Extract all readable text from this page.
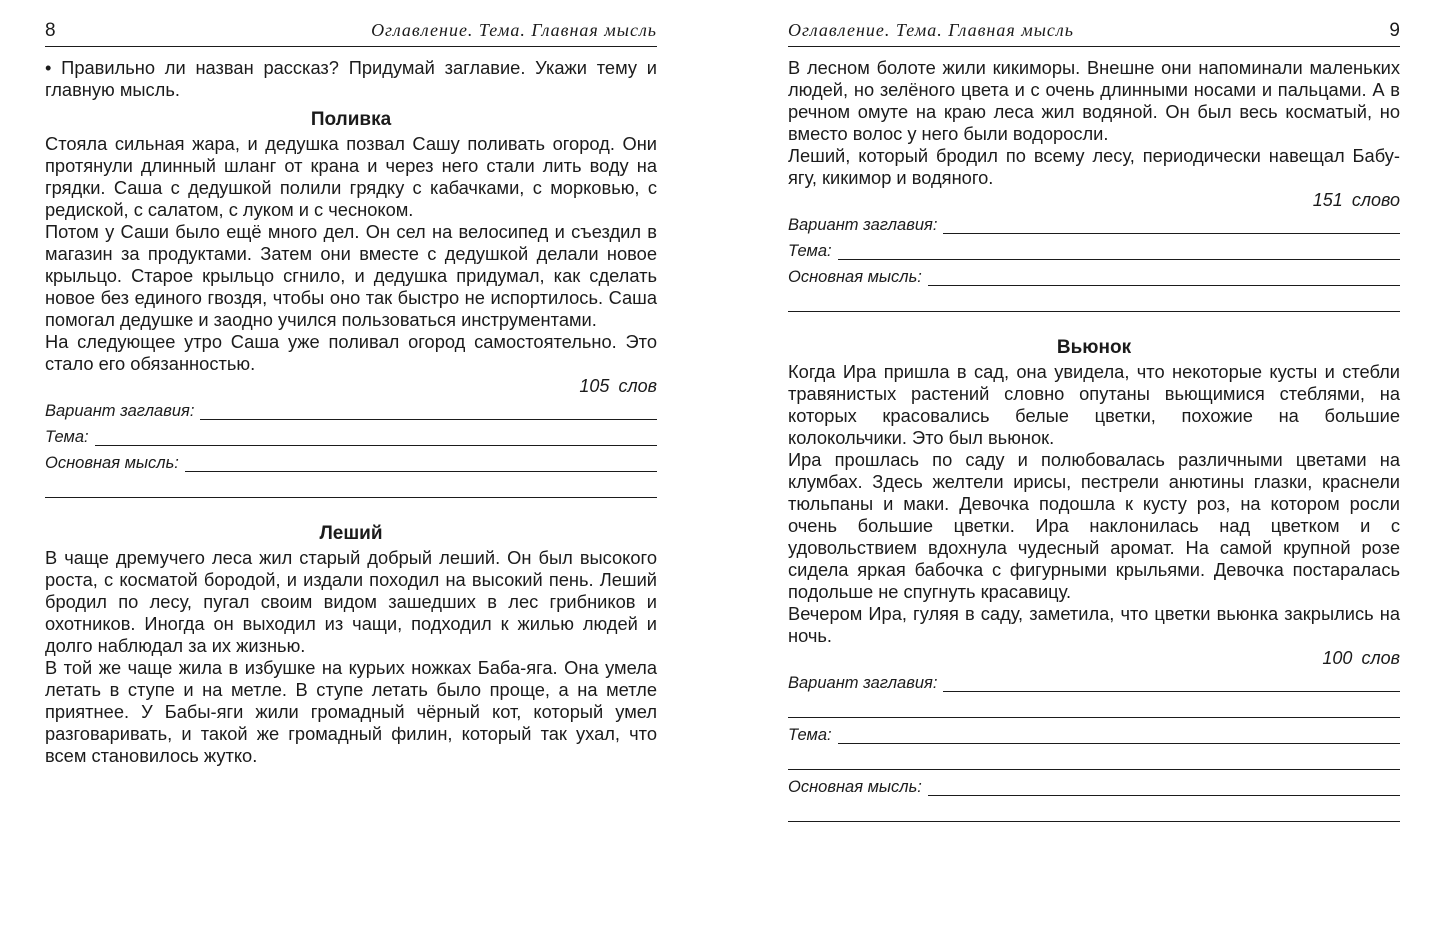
8	Оглавление. Тема. Главная мысль

• Правильно ли назван рассказ? Придумай заглавие. Укажи тему и главную мысль.

Поливка

Стояла сильная жара, и дедушка позвал Сашу поливать огород. Они протянули длинный шланг от крана и через него стали лить воду на грядки. Саша с дедушкой полили грядку с кабачками, с морковью, с редиской, с салатом, с луком и с чесноком.

Потом у Саши было ещё много дел. Он сел на велосипед и съездил в магазин за продуктами. Затем они вместе с дедушкой делали новое крыльцо. Старое крыльцо сгнило, и дедушка придумал, как сделать новое без единого гвоздя, чтобы оно так быстро не испортилось. Саша помогал дедушке и заодно учился пользоваться инструментами.

На следующее утро Саша уже поливал огород самостоятельно. Это стало его обязанностью.

105 слов
Вариант заглавия:
Тема:
Основная мысль:
Леший

В чаще дремучего леса жил старый добрый леший. Он был высокого роста, с косматой бородой, и издали походил на высокий пень. Леший бродил по лесу, пугал своим видом зашедших в лес грибников и охотников. Иногда он выходил из чащи, подходил к жилью людей и долго наблюдал за их жизнью.

В той же чаще жила в избушке на курьих ножках Баба-яга. Она умела летать в ступе и на метле. В ступе летать было проще, а на метле приятнее. У Бабы-яги жили громадный чёрный кот, который умел разговаривать, и такой же громадный филин, который так ухал, что всем становилось жутко.

Оглавление. Тема. Главная мысль	9

В лесном болоте жили кикиморы. Внешне они напоминали маленьких людей, но зелёного цвета и с очень длинными носами и пальцами. А в речном омуте на краю леса жил водяной. Он был весь косматый, но вместо волос у него были водоросли.

Леший, который бродил по всему лесу, периодически навещал Бабу-ягу, кикимор и водяного.

151 слово
Вариант заглавия:
Тема:
Основная мысль:
Вьюнок

Когда Ира пришла в сад, она увидела, что некоторые кусты и стебли травянистых растений словно опутаны вьющимися стеблями, на которых красовались белые цветки, похожие на большие колокольчики. Это был вьюнок.

Ира прошлась по саду и полюбовалась различными цветами на клумбах. Здесь желтели ирисы, пестрели анютины глазки, краснели тюльпаны и маки. Девочка подошла к кусту роз, на котором росли очень большие цветки. Ира наклонилась над цветком и с удовольствием вдохнула чудесный аромат. На самой крупной розе сидела яркая бабочка с фигурными крыльями. Девочка постаралась подольше не спугнуть красавицу.

Вечером Ира, гуляя в саду, заметила, что цветки вьюнка закрылись на ночь.

100 слов
Вариант заглавия:
Тема:
Основная мысль:
